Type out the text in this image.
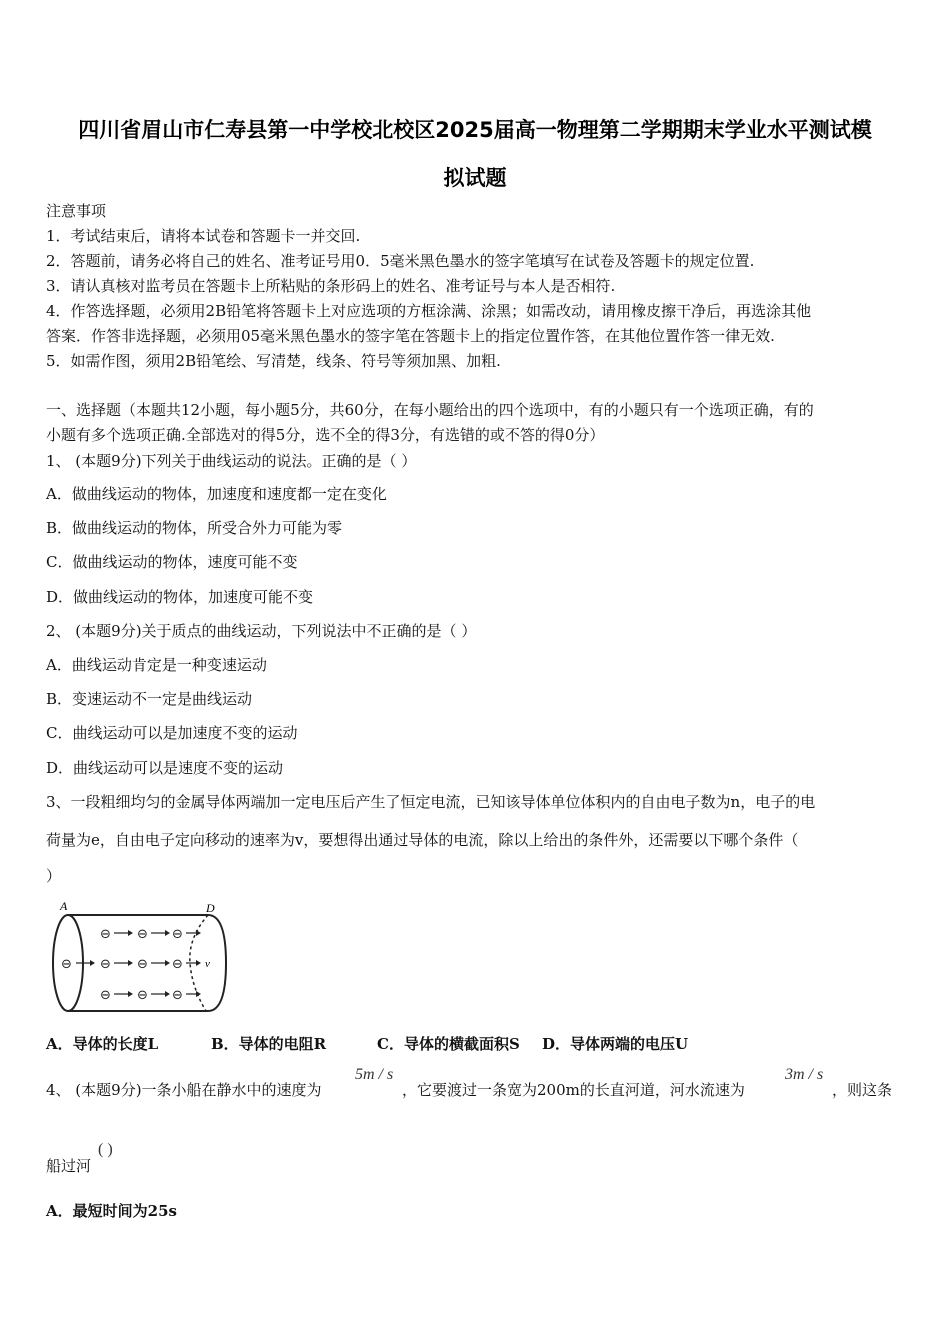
四川省眉山市仁寿县第一中学校北校区2025届高一物理第二学期期末学业水平测试模
拟试题
注意事项
1．考试结束后，请将本试卷和答题卡一并交回.
2．答题前，请务必将自己的姓名、准考证号用0．5毫米黑色墨水的签字笔填写在试卷及答题卡的规定位置.
3．请认真核对监考员在答题卡上所粘贴的条形码上的姓名、准考证号与本人是否相符.
4．作答选择题，必须用2B铅笔将答题卡上对应选项的方框涂满、涂黑；如需改动，请用橡皮擦干净后，再选涂其他
答案．作答非选择题，必须用05毫米黑色墨水的签字笔在答题卡上的指定位置作答，在其他位置作答一律无效.
5．如需作图，须用2B铅笔绘、写清楚，线条、符号等须加黑、加粗.
一、选择题（本题共12小题，每小题5分，共60分，在每小题给出的四个选项中，有的小题只有一个选项正确，有的
小题有多个选项正确.全部选对的得5分，选不全的得3分，有选错的或不答的得0分）
1、 (本题9分)下列关于曲线运动的说法。正确的是（ ）
A．做曲线运动的物体，加速度和速度都一定在变化
B．做曲线运动的物体，所受合外力可能为零
C．做曲线运动的物体，速度可能不变
D．做曲线运动的物体，加速度可能不变
2、 (本题9分)关于质点的曲线运动，下列说法中不正确的是（ ）
A．曲线运动肯定是一种变速运动
B．变速运动不一定是曲线运动
C．曲线运动可以是加速度不变的运动
D．曲线运动可以是速度不变的运动
3、一段粗细均匀的金属导体两端加一定电压后产生了恒定电流，已知该导体单位体积内的自由电子数为n，电子的电
荷量为e，自由电子定向移动的速率为v，要想得出通过导体的电流，除以上给出的条件外，还需要以下哪个条件（
）
A	D
⊖ ⊖ ⊖
⊖ ⊖ ⊖ ⊖
⊖ ⊖ ⊖
v
A．导体的长度L	B．导体的电阻R	C．导体的横截面积S D．导体两端的电压U
4、 (本题9分)一条小船在静水中的速度为
5m / s
，它要渡过一条宽为200m的长直河道，河水流速为
3m / s
，则这条
船过河
( )
A．最短时间为25s
